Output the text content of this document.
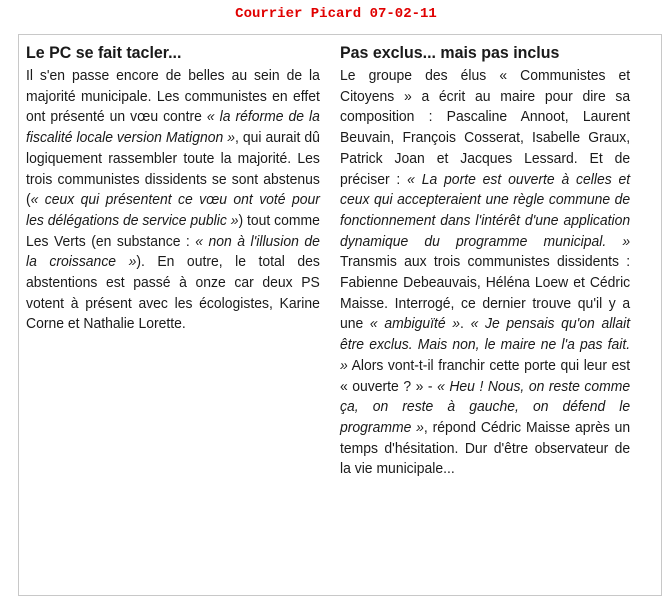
Courrier Picard 07-02-11
Le PC se fait tacler...

Il s'en passe encore de belles au sein de la majorité municipale. Les communistes en effet ont présenté un vœu contre « la réforme de la fiscalité locale version Matignon », qui aurait dû logiquement rassembler toute la majorité. Les trois communistes dissidents se sont abstenus (« ceux qui présentent ce vœu ont voté pour les délégations de service public ») tout comme Les Verts (en substance : « non à l'illusion de la croissance »). En outre, le total des abstentions est passé à onze car deux PS votent à présent avec les écologistes, Karine Corne et Nathalie Lorette.

Pas exclus... mais pas inclus

Le groupe des élus « Communistes et Citoyens » a écrit au maire pour dire sa composition : Pascaline Annoot, Laurent Beuvain, François Cosserat, Isabelle Graux, Patrick Joan et Jacques Lessard. Et de préciser : « La porte est ouverte à celles et ceux qui accepteraient une règle commune de fonctionnement dans l'intérêt d'une application dynamique du programme municipal. » Transmis aux trois communistes dissidents : Fabienne Debeauvais, Héléna Loew et Cédric Maisse. Interrogé, ce dernier trouve qu'il y a une « ambiguïté ». « Je pensais qu'on allait être exclus. Mais non, le maire ne l'a pas fait. » Alors vont-t-il franchir cette porte qui leur est « ouverte ? » - « Heu ! Nous, on reste comme ça, on reste à gauche, on défend le programme », répond Cédric Maisse après un temps d'hésitation. Dur d'être observateur de la vie municipale...
